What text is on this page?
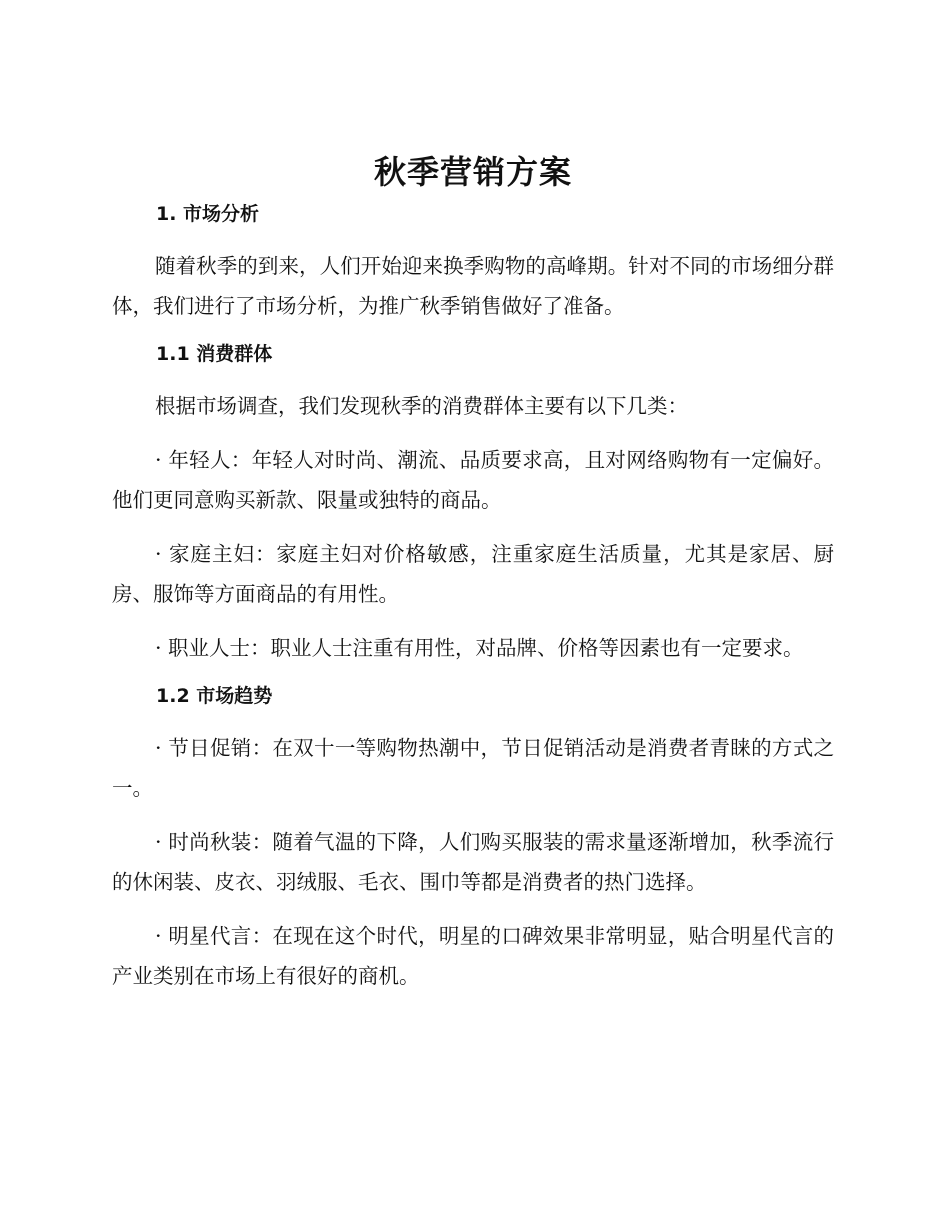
秋季营销方案
1. 市场分析

随着秋季的到来，人们开始迎来换季购物的高峰期。针对不同的市场细分群体，我们进行了市场分析，为推广秋季销售做好了准备。

1.1 消费群体

根据市场调查，我们发现秋季的消费群体主要有以下几类：

· 年轻人：年轻人对时尚、潮流、品质要求高，且对网络购物有一定偏好。他们更同意购买新款、限量或独特的商品。

· 家庭主妇：家庭主妇对价格敏感，注重家庭生活质量，尤其是家居、厨房、服饰等方面商品的有用性。

· 职业人士：职业人士注重有用性，对品牌、价格等因素也有一定要求。

1.2 市场趋势

· 节日促销：在双十一等购物热潮中，节日促销活动是消费者青睐的方式之一。

· 时尚秋装：随着气温的下降，人们购买服装的需求量逐渐增加，秋季流行的休闲装、皮衣、羽绒服、毛衣、围巾等都是消费者的热门选择。

· 明星代言：在现在这个时代，明星的口碑效果非常明显，贴合明星代言的产业类别在市场上有很好的商机。
